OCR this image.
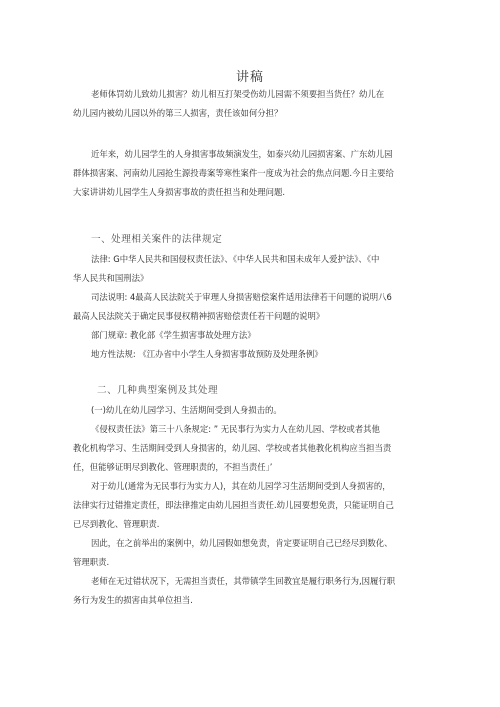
讲稿
老师体罚幼儿致幼儿损害？幼儿相互打架受伤幼儿园需不须要担当货任？幼儿在
幼儿园内被幼儿园以外的第三人损害，责任该如何分担？
近年来，幼儿园学生的人身损害事故频演发生，如泰兴幼儿园损害案、广东幼儿园
群体损害案、河南幼儿园抢生源投毒案等寒性案件一度成为社会的焦点问题.今日主要给
大家讲讲幼儿园学生人身损害事故的责任担当和处理问题.
一、处理相关案件的法律规定
法律: G中华人民共和国侵权责任法》、《中华人民共和国未成年人爱护法》、《中
华人民共和国刑法》
司法说明: 4最高人民法院关于审理人身损害赔偿案件适用法律若干问题的说明八6
最高人民法院关于确定民事侵权精神损害赔偿责任若干问题的说明》
部门规章: 教化部《学生损害事故处理方法》
地方性法规: 《江办省中小学生人身损害事故预防及处理条例》
二、几种典型案例及其处理
(一)幼儿在幼儿园学习、生活期间受到人身损击的。
《侵权责任法》第三十八条规定: ” 无民事行为实力人在幼儿园、学校或者其他
教化机构学习、生活期间受到人身损害的，幼儿园、学校或者其他教化机构应当担当责
任，但能够证明尽到教化、管理职责的，不担当责任」’
对于幼儿(通常为无民事行为实力人)，其在幼儿园学习生活期间受到人身损害的，
法律实行过错推定责任，即法律推定由幼儿园担当责任.幼儿园要想免责，只能证明自己
已尽到教化、管理职责.
因此，在之前举出的案例中，幼儿园假如想免责，肯定要证明自己已经尽到数化、
管理职责.
老师在无过错状况下，无需担当责任，其带镇学生回教宜是履行职务行为,因履行职
务行为发生的损害由其单位担当.
